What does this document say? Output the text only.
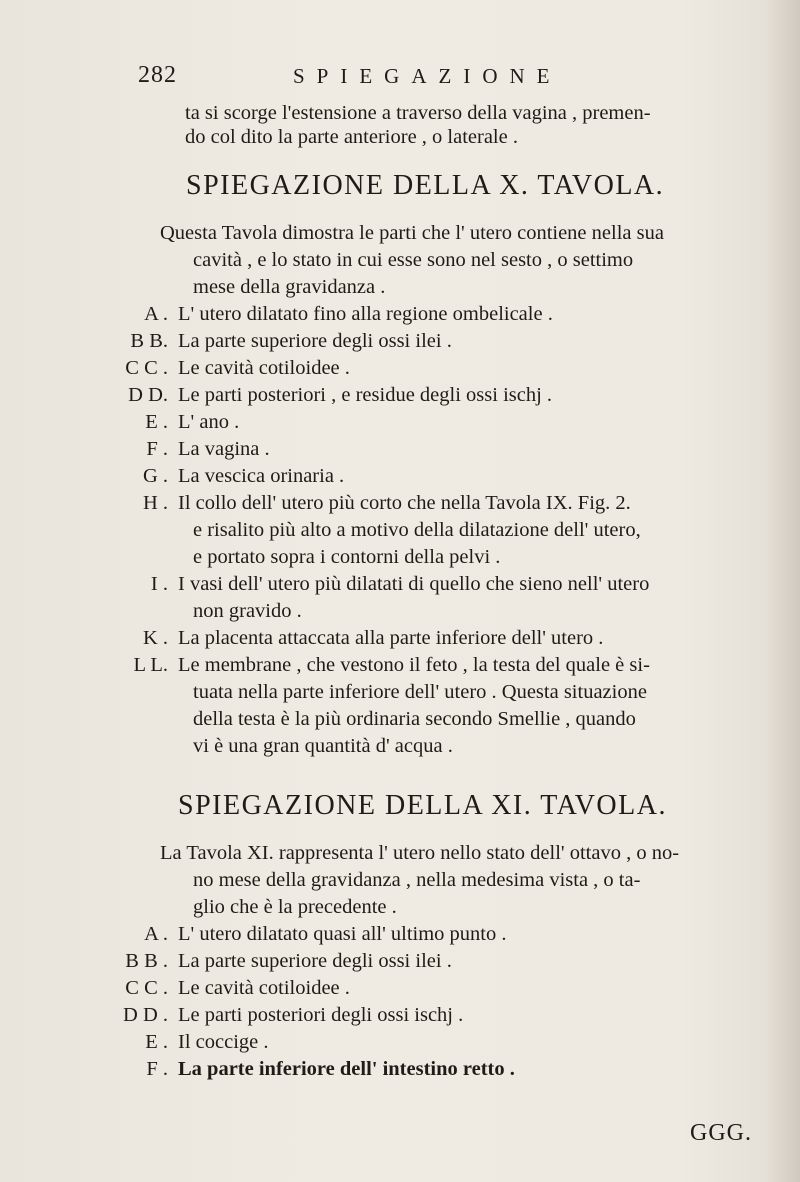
282	SPIEGAZIONE
ta si scorge l'estensione a traverso della vagina , premen-
do col dito la parte anteriore , o laterale .
SPIEGAZIONE DELLA X. TAVOLA.
Questa Tavola dimostra le parti che l' utero contiene nella sua
cavità , e lo stato in cui esse sono nel sesto , o settimo
mese della gravidanza .
A . L' utero dilatato fino alla regione ombelicale .
B B. La parte superiore degli ossi ilei .
C C . Le cavità cotiloidee .
D D. Le parti posteriori , e residue degli ossi ischj .
E . L' ano .
F . La vagina .
G . La vescica orinaria .
H . Il collo dell' utero più corto che nella Tavola IX. Fig. 2.
e risalito più alto a motivo della dilatazione dell' utero,
e portato sopra i contorni della pelvi .
I . I vasi dell' utero più dilatati di quello che sieno nell' utero
non gravido .
K . La placenta attaccata alla parte inferiore dell' utero .
L L. Le membrane , che vestono il feto , la testa del quale è si-
tuata nella parte inferiore dell' utero . Questa situazione
della testa è la più ordinaria secondo Smellie , quando
vi è una gran quantità d' acqua .
SPIEGAZIONE DELLA XI. TAVOLA.
La Tavola XI. rappresenta l' utero nello stato dell' ottavo , o no-
no mese della gravidanza , nella medesima vista , o ta-
glio che è la precedente .
A . L' utero dilatato quasi all' ultimo punto .
B B . La parte superiore degli ossi ilei .
C C . Le cavità cotiloidee .
D D . Le parti posteriori degli ossi ischj .
E . Il coccige .
F . La parte inferiore dell' intestino retto .
GGG.
